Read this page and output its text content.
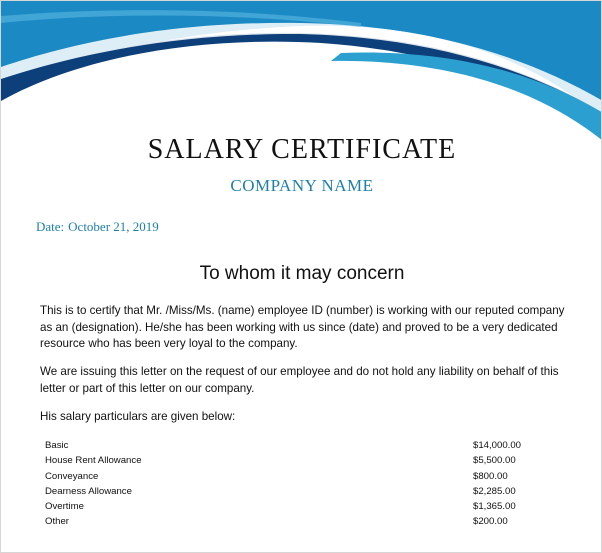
SALARY CERTIFICATE
COMPANY NAME
Date: October 21, 2019
To whom it may concern
This is to certify that Mr. /Miss/Ms. (name) employee ID (number) is working with our reputed company as an (designation). He/she has been working with us since (date) and proved to be a very dedicated resource who has been very loyal to the company.
We are issuing this letter on the request of our employee and do not hold any liability on behalf of this letter or part of this letter on our company.
His salary particulars are given below:
Basic	$14,000.00
House Rent Allowance	$5,500.00
Conveyance	$800.00
Dearness Allowance	$2,285.00
Overtime	$1,365.00
Other	$200.00
